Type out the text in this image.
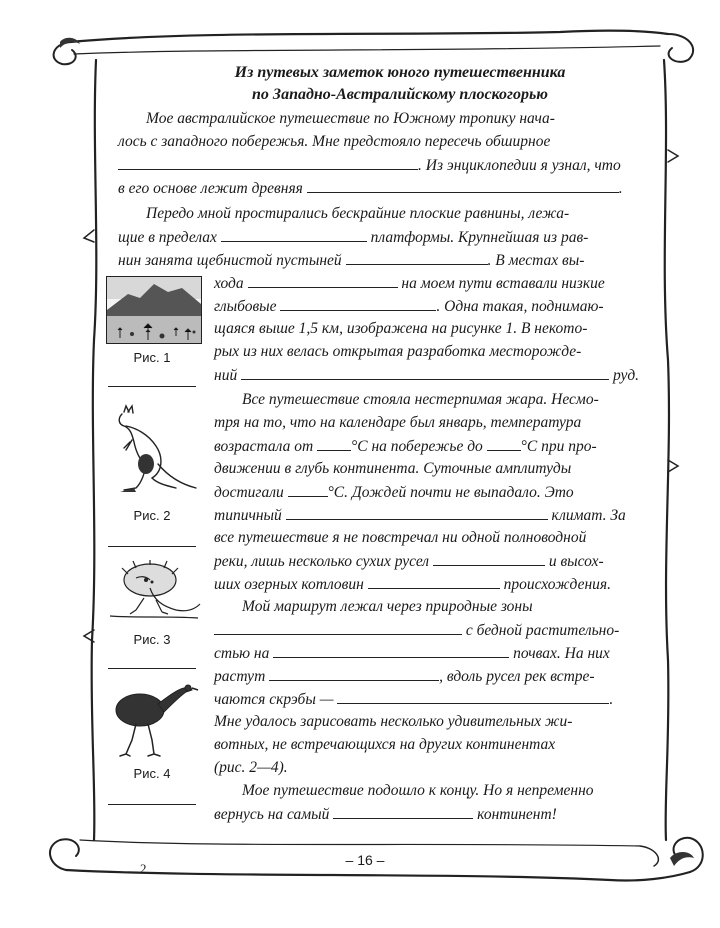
Из путевых заметок юного путешественника
по Западно-Австралийскому плоскогорью
Мое австралийское путешествие по Южному тропику нача-
лось с западного побережья. Мне предстояло пересечь обширное
. Из энциклопедии я узнал, что
в его основе лежит древняя	.
Передо мной простирались бескрайние плоские равнины, лежа-
щие в пределах	платформы. Крупнейшая из рав-
нин занята щебнистой пустыней	. В местах вы-
хода	на моем пути вставали низкие
глыбовые	. Одна такая, поднимаю-
щаяся выше 1,5 км, изображена на рисунке 1. В некото-
рых из них велась открытая разработка месторожде-
ний	руд.
Все путешествие стояла нестерпимая жара. Несмо-
тря на то, что на календаре был январь, температура
возрастала от °C на побережье до °C при про-
движении в глубь континента. Суточные амплитуды
достигали	°C. Дождей почти не выпадало. Это
типичный	климат. За
все путешествие я не повстречал ни одной полноводной
реки, лишь несколько сухих русел	и высох-
ших озерных котловин	происхождения.
Мой маршрут лежал через природные зоны
с бедной растительно-
стью на	почвах. На них
растут	, вдоль русел рек встре-
чаются скрэбы —	.
Мне удалось зарисовать несколько удивительных жи-
вотных, не встречающихся на других континентах
(рис. 2—4).
Мое путешествие подошло к концу. Но я непременно
вернусь на самый	континент!
Рис. 1
Рис. 2
Рис. 3
Рис. 4
2
– 16 –
